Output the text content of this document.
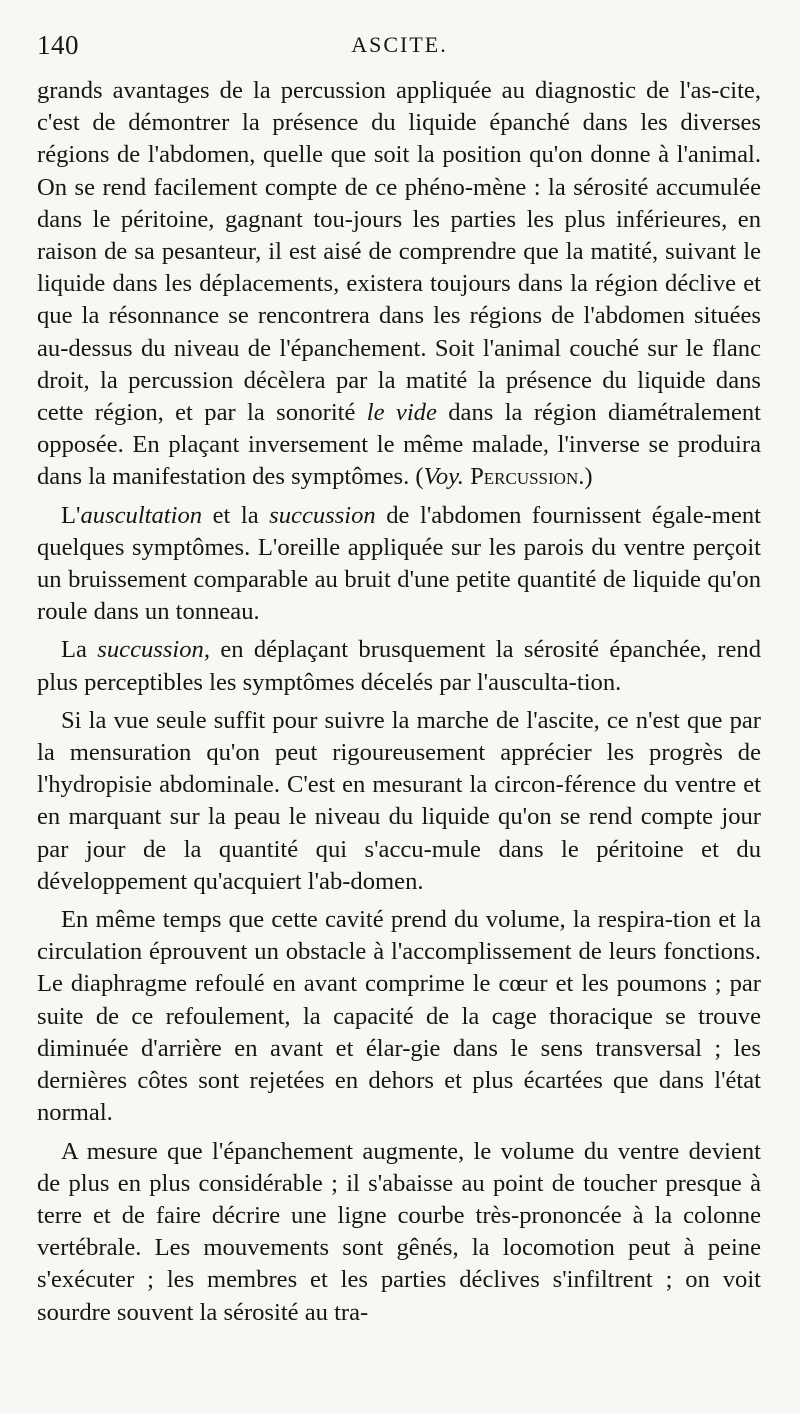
140	ASCITE.

grands avantages de la percussion appliquée au diagnostic de l'as-cite, c'est de démontrer la présence du liquide épanché dans les diverses régions de l'abdomen, quelle que soit la position qu'on donne à l'animal. On se rend facilement compte de ce phéno-mène : la sérosité accumulée dans le péritoine, gagnant tou-jours les parties les plus inférieures, en raison de sa pesanteur, il est aisé de comprendre que la matité, suivant le liquide dans les déplacements, existera toujours dans la région déclive et que la résonnance se rencontrera dans les régions de l'abdomen situées au-dessus du niveau de l'épanchement. Soit l'animal couché sur le flanc droit, la percussion décèlera par la matité la présence du liquide dans cette région, et par la sonorité le vide dans la région diamétralement opposée. En plaçant inversement le même malade, l'inverse se produira dans la manifestation des symptômes. (Voy. Percussion.)

L'auscultation et la succussion de l'abdomen fournissent égale-ment quelques symptômes. L'oreille appliquée sur les parois du ventre perçoit un bruissement comparable au bruit d'une petite quantité de liquide qu'on roule dans un tonneau.

La succussion, en déplaçant brusquement la sérosité épanchée, rend plus perceptibles les symptômes décelés par l'ausculta-tion.

Si la vue seule suffit pour suivre la marche de l'ascite, ce n'est que par la mensuration qu'on peut rigoureusement apprécier les progrès de l'hydropisie abdominale. C'est en mesurant la circon-férence du ventre et en marquant sur la peau le niveau du liquide qu'on se rend compte jour par jour de la quantité qui s'accu-mule dans le péritoine et du développement qu'acquiert l'ab-domen.

En même temps que cette cavité prend du volume, la respira-tion et la circulation éprouvent un obstacle à l'accomplissement de leurs fonctions. Le diaphragme refoulé en avant comprime le cœur et les poumons ; par suite de ce refoulement, la capacité de la cage thoracique se trouve diminuée d'arrière en avant et élar-gie dans le sens transversal ; les dernières côtes sont rejetées en dehors et plus écartées que dans l'état normal.

A mesure que l'épanchement augmente, le volume du ventre devient de plus en plus considérable ; il s'abaisse au point de toucher presque à terre et de faire décrire une ligne courbe très-prononcée à la colonne vertébrale. Les mouvements sont gênés, la locomotion peut à peine s'exécuter ; les membres et les parties déclives s'infiltrent ; on voit sourdre souvent la sérosité au tra-
